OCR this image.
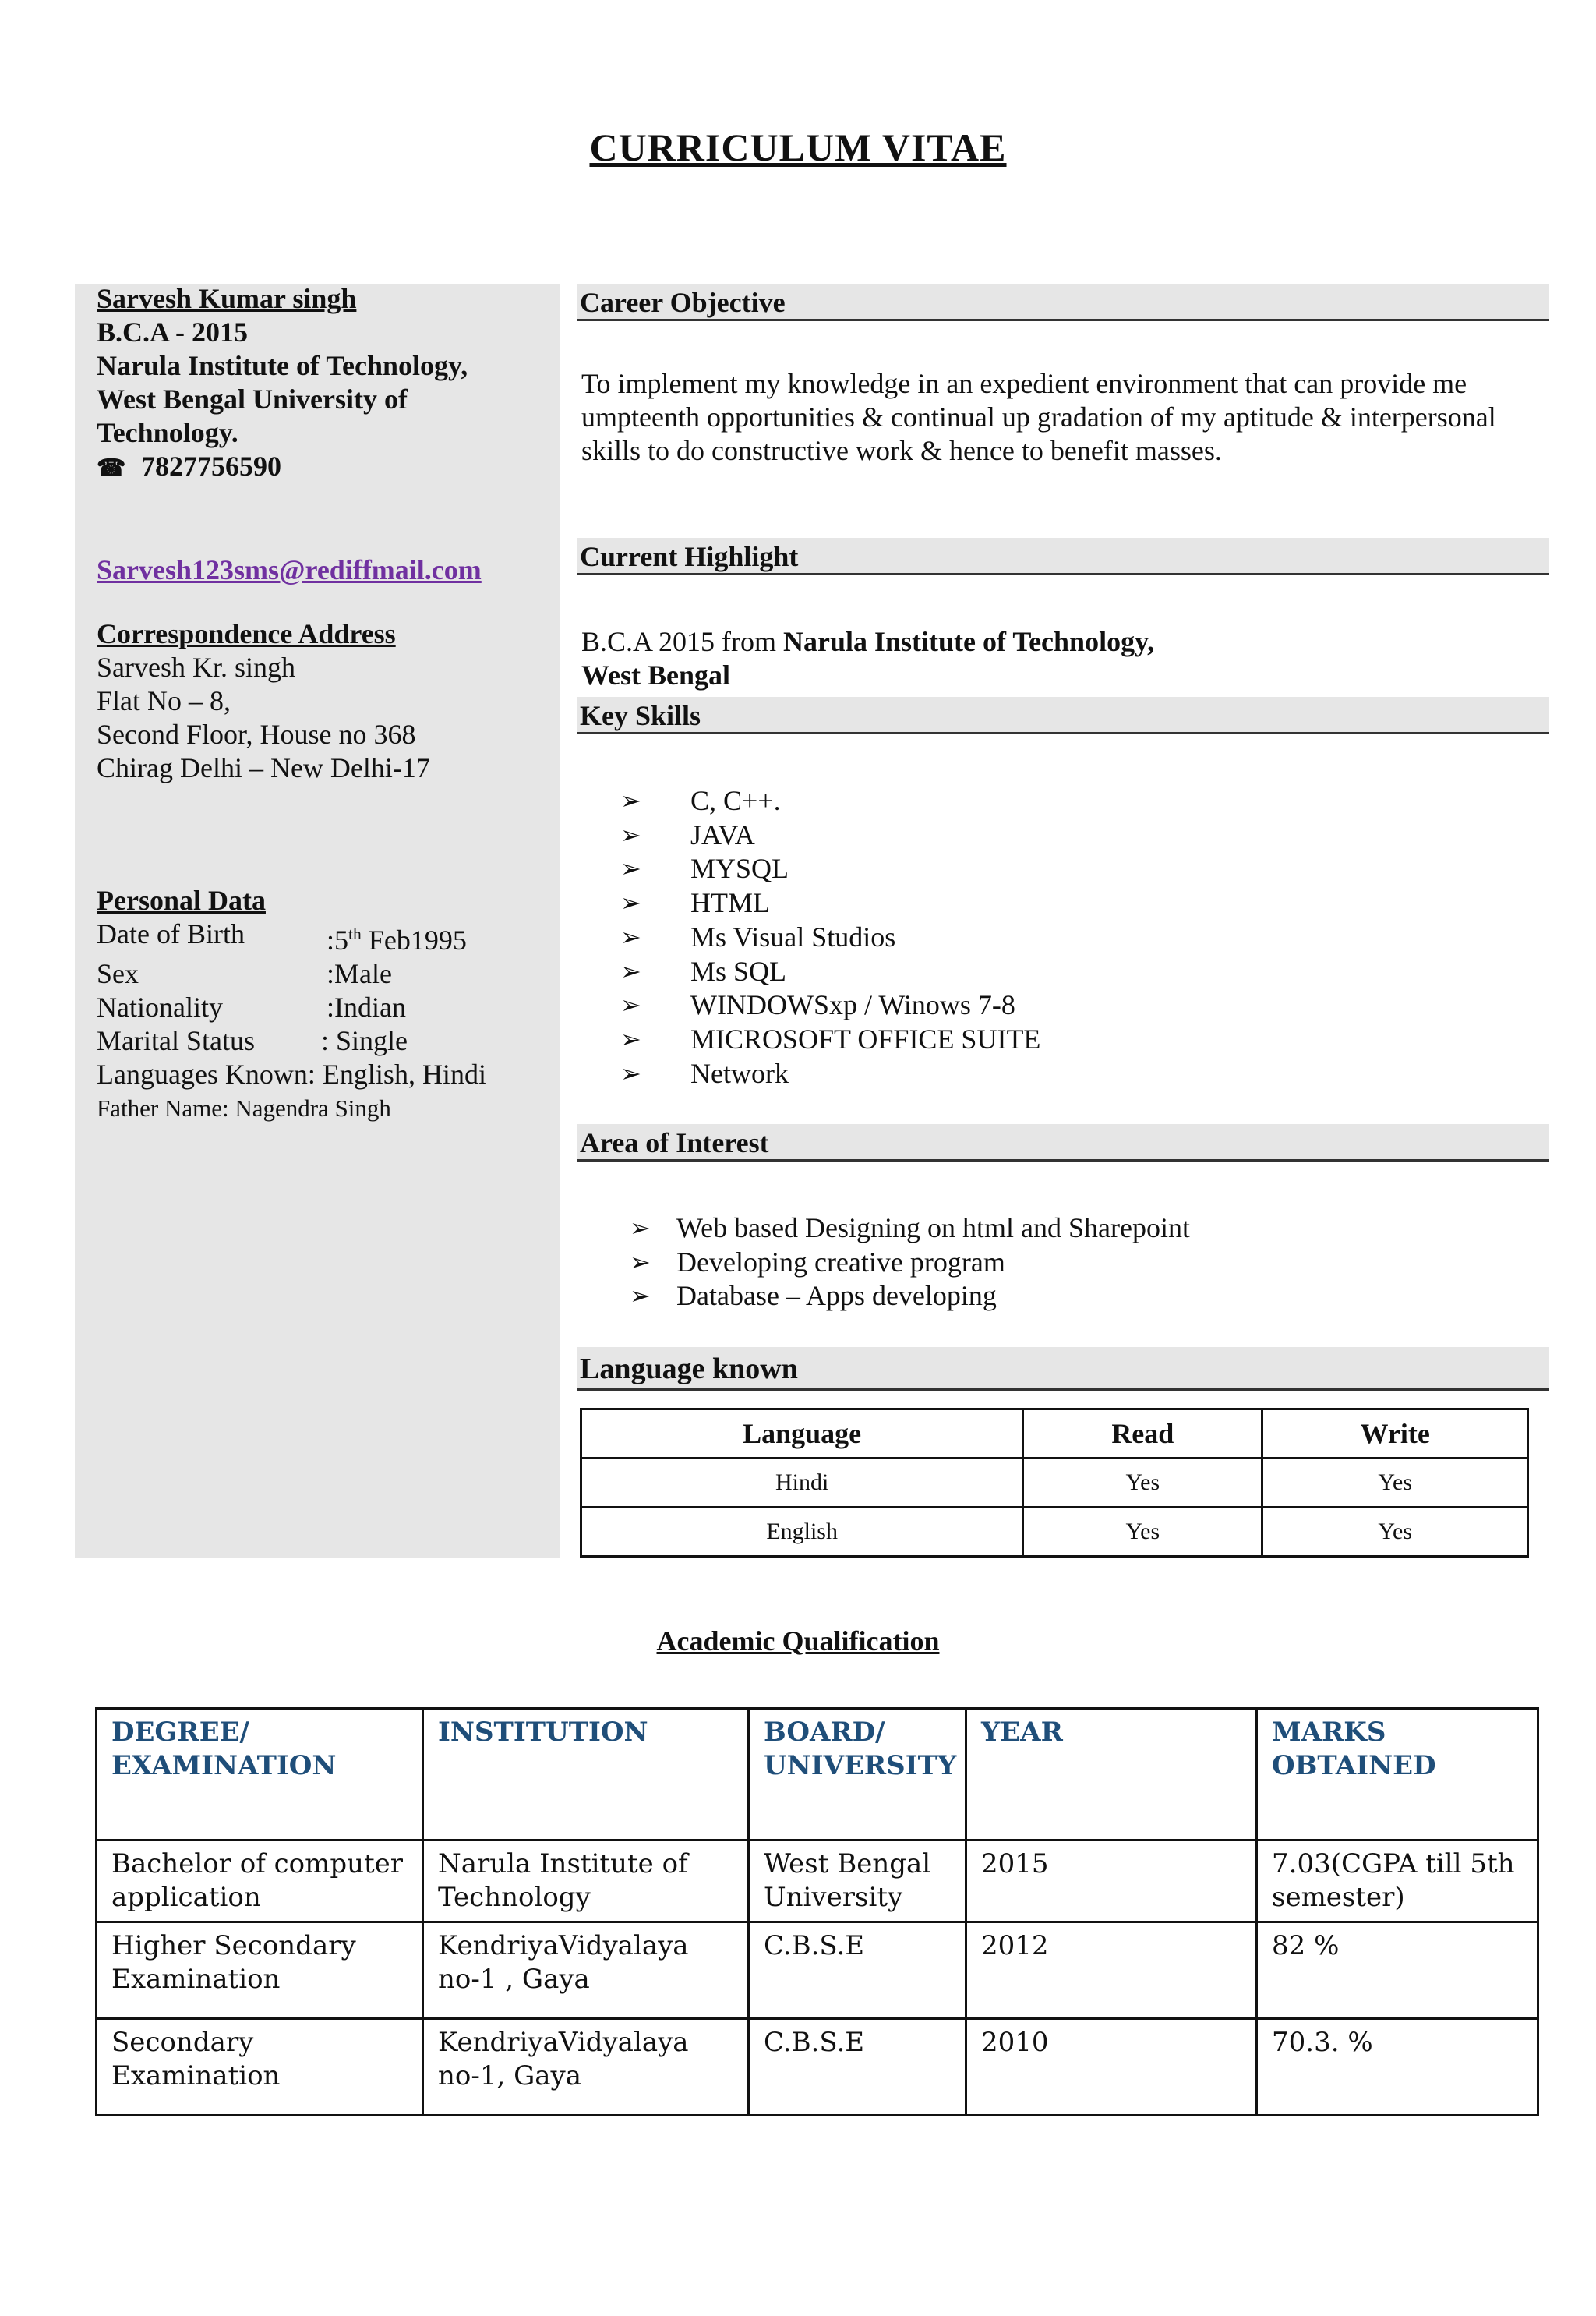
CURRICULUM VITAE
Sarvesh Kumar singh
B.C.A - 2015
Narula Institute of Technology,
West Bengal University of
Technology.
☎ 7827756590
Sarvesh123sms@rediffmail.com
Correspondence Address
Sarvesh Kr. singh
Flat No – 8,
Second Floor, House no 368
Chirag Delhi – New Delhi-17
Personal Data
Date of Birth	:5th Feb1995
Sex	:Male
Nationality	:Indian
Marital Status	: Single
Languages Known: English, Hindi
Father Name: Nagendra Singh
Career Objective
To implement my knowledge in an expedient environment that can provide me umpteenth opportunities & continual up gradation of my aptitude & interpersonal skills to do constructive work & hence to benefit masses.
Current Highlight
B.C.A 2015 from Narula Institute of Technology,
West Bengal
Key Skills
➢ C, C++.
➢ JAVA
➢ MYSQL
➢ HTML
➢ Ms Visual Studios
➢ Ms SQL
➢ WINDOWSxp / Winows 7-8
➢ MICROSOFT OFFICE SUITE
➢ Network
Area of Interest
➢ Web based Designing on html and Sharepoint
➢ Developing creative program
➢ Database – Apps developing
Language known
Language	Read	Write
Hindi	Yes	Yes
English	Yes	Yes
Academic Qualification
DEGREE/ EXAMINATION	INSTITUTION	BOARD/ UNIVERSITY	YEAR	MARKS OBTAINED
Bachelor of computer application	Narula Institute of Technology	West Bengal University	2015	7.03(CGPA till 5th semester)
Higher Secondary Examination	KendriyaVidyalaya no-1 , Gaya	C.B.S.E	2012	82 %
Secondary Examination	KendriyaVidyalaya no-1, Gaya	C.B.S.E	2010	70.3. %
